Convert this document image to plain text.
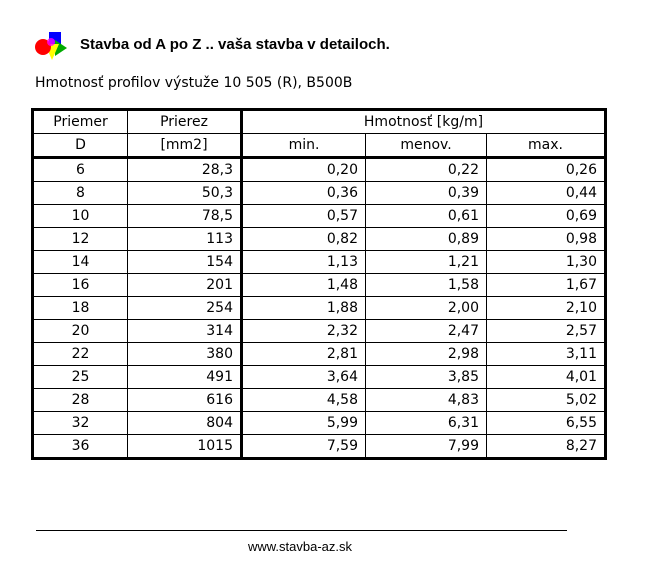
Stavba od A po Z .. vaša stavba v detailoch.
Hmotnosť profilov výstuže 10 505 (R), B500B
Priemer	Prierez	Hmotnosť [kg/m]		
D	[mm2]	min.	menov.	max.
6	28,3	0,20	0,22	0,26
8	50,3	0,36	0,39	0,44
10	78,5	0,57	0,61	0,69
12	113	0,82	0,89	0,98
14	154	1,13	1,21	1,30
16	201	1,48	1,58	1,67
18	254	1,88	2,00	2,10
20	314	2,32	2,47	2,57
22	380	2,81	2,98	3,11
25	491	3,64	3,85	4,01
28	616	4,58	4,83	5,02
32	804	5,99	6,31	6,55
36	1015	7,59	7,99	8,27
www.stavba-az.sk
